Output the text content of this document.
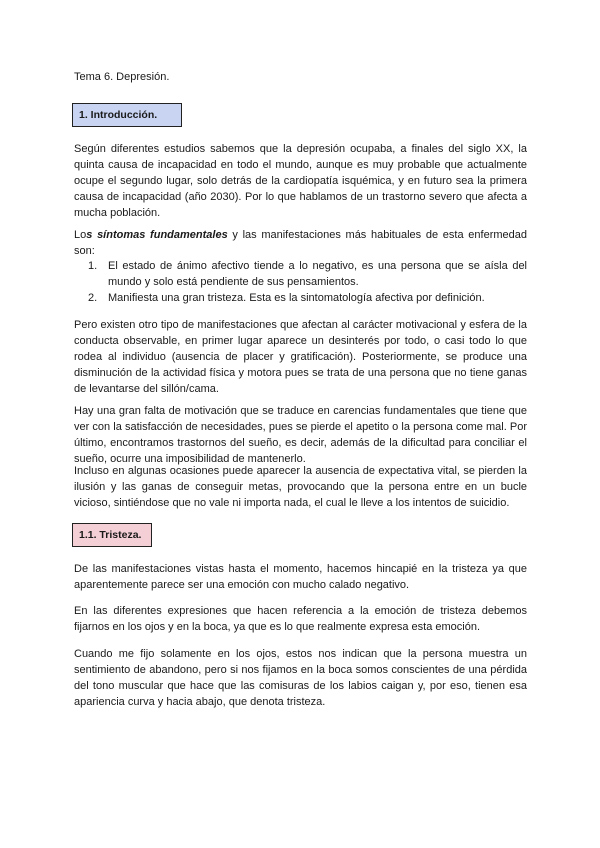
Tema 6. Depresión.
1. Introducción.

Según diferentes estudios sabemos que la depresión ocupaba, a finales del siglo XX, la quinta causa de incapacidad en todo el mundo, aunque es muy probable que actualmente ocupe el segundo lugar, solo detrás de la cardiopatía isquémica, y en futuro sea la primera causa de incapacidad (año 2030). Por lo que hablamos de un trastorno severo que afecta a mucha población.

Los síntomas fundamentales y las manifestaciones más habituales de esta enfermedad son:

1. El estado de ánimo afectivo tiende a lo negativo, es una persona que se aísla del mundo y solo está pendiente de sus pensamientos.
2. Manifiesta una gran tristeza. Esta es la sintomatología afectiva por definición.

Pero existen otro tipo de manifestaciones que afectan al carácter motivacional y esfera de la conducta observable, en primer lugar aparece un desinterés por todo, o casi todo lo que rodea al individuo (ausencia de placer y gratificación). Posteriormente, se produce una disminución de la actividad física y motora pues se trata de una persona que no tiene ganas de levantarse del sillón/cama.

Hay una gran falta de motivación que se traduce en carencias fundamentales que tiene que ver con la satisfacción de necesidades, pues se pierde el apetito o la persona come mal. Por último, encontramos trastornos del sueño, es decir, además de la dificultad para conciliar el sueño, ocurre una imposibilidad de mantenerlo.

Incluso en algunas ocasiones puede aparecer la ausencia de expectativa vital, se pierden la ilusión y las ganas de conseguir metas, provocando que la persona entre en un bucle vicioso, sintiéndose que no vale ni importa nada, el cual le lleve a los intentos de suicidio.

1.1. Tristeza.

De las manifestaciones vistas hasta el momento, hacemos hincapié en la tristeza ya que aparentemente parece ser una emoción con mucho calado negativo.

En las diferentes expresiones que hacen referencia a la emoción de tristeza debemos fijarnos en los ojos y en la boca, ya que es lo que realmente expresa esta emoción.

Cuando me fijo solamente en los ojos, estos nos indican que la persona muestra un sentimiento de abandono, pero si nos fijamos en la boca somos conscientes de una pérdida del tono muscular que hace que las comisuras de los labios caigan y, por eso, tienen esa apariencia curva y hacia abajo, que denota tristeza.
